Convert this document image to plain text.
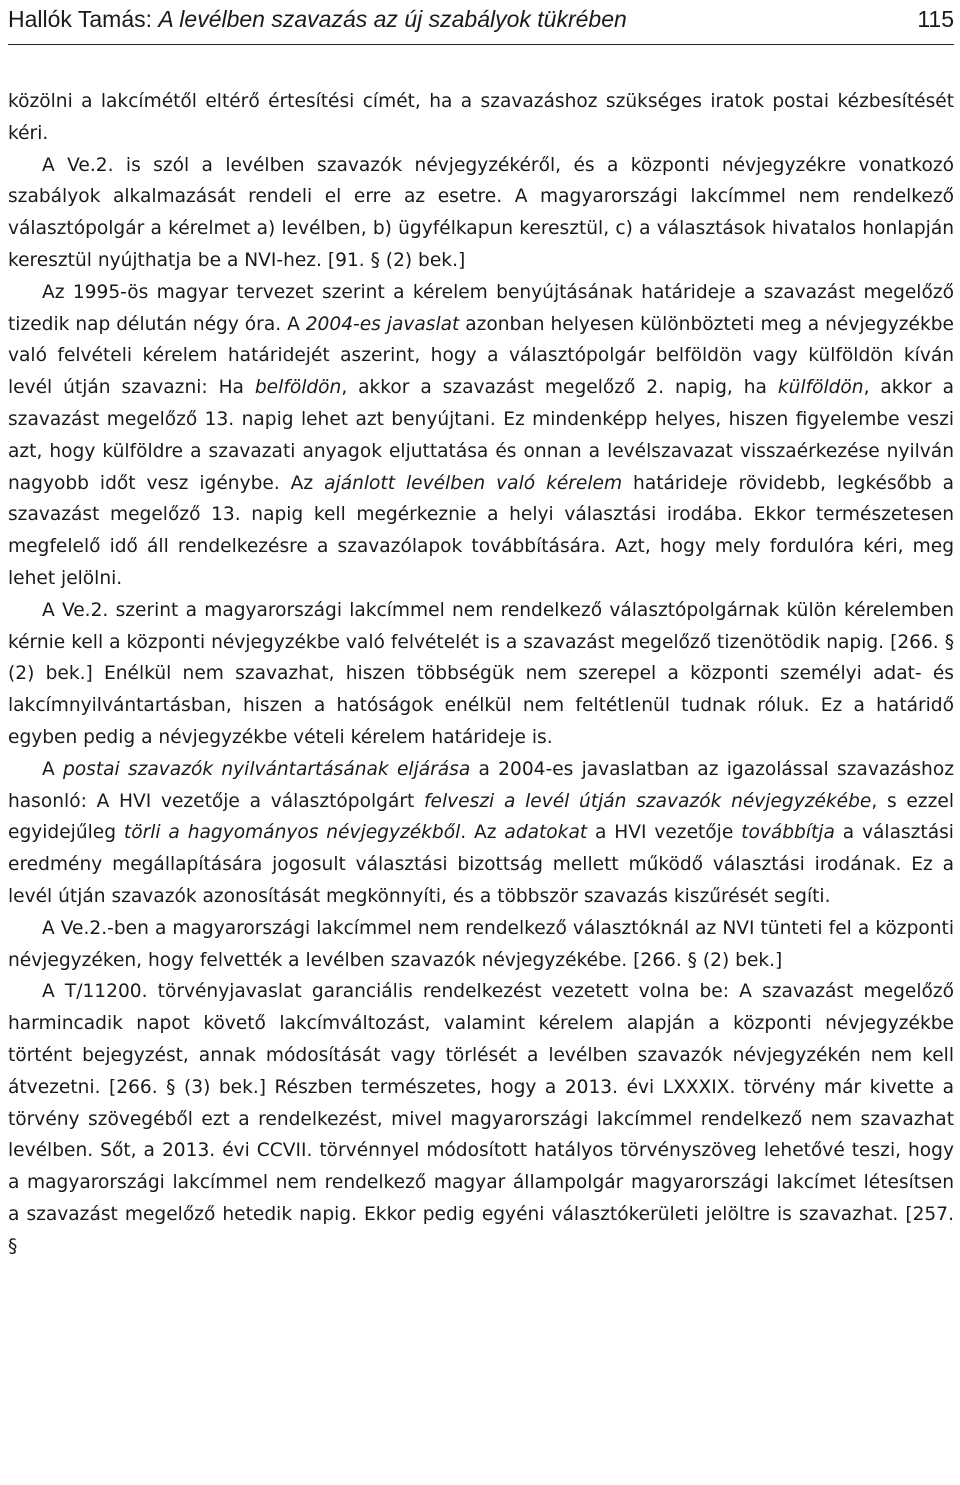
Hallók Tamás: A levélben szavazás az új szabályok tükrében	115

közölni a lakcímétől eltérő értesítési címét, ha a szavazáshoz szükséges iratok postai kézbesítését kéri.

A Ve.2. is szól a levélben szavazók névjegyzékéről, és a központi névjegyzékre vonatkozó szabályok alkalmazását rendeli el erre az esetre. A magyarországi lakcímmel nem rendelkező választópolgár a kérelmet a) levélben, b) ügyfélkapun keresztül, c) a választások hivatalos honlapján keresztül nyújthatja be a NVI-hez. [91. § (2) bek.]

Az 1995-ös magyar tervezet szerint a kérelem benyújtásának határideje a szavazást megelőző tizedik nap délután négy óra. A 2004-es javaslat azonban helyesen különbözteti meg a névjegyzékbe való felvételi kérelem határidejét aszerint, hogy a választópolgár belföldön vagy külföldön kíván levél útján szavazni: Ha belföldön, akkor a szavazást megelőző 2. napig, ha külföldön, akkor a szavazást megelőző 13. napig lehet azt benyújtani. Ez mindenképp helyes, hiszen figyelembe veszi azt, hogy külföldre a szavazati anyagok eljuttatása és onnan a levélszavazat visszaérkezése nyilván nagyobb időt vesz igénybe. Az ajánlott levélben való kérelem határideje rövidebb, legkésőbb a szavazást megelőző 13. napig kell megérkeznie a helyi választási irodába. Ekkor természetesen megfelelő idő áll rendelkezésre a szavazólapok továbbítására. Azt, hogy mely fordulóra kéri, meg lehet jelölni.

A Ve.2. szerint a magyarországi lakcímmel nem rendelkező választópolgárnak külön kérelemben kérnie kell a központi névjegyzékbe való felvételét is a szavazást megelőző tizenötödik napig. [266. § (2) bek.] Enélkül nem szavazhat, hiszen többségük nem szerepel a központi személyi adat- és lakcímnyilvántartásban, hiszen a hatóságok enélkül nem feltétlenül tudnak róluk. Ez a határidő egyben pedig a névjegyzékbe vételi kérelem határideje is.

A postai szavazók nyilvántartásának eljárása a 2004-es javaslatban az igazolással szavazáshoz hasonló: A HVI vezetője a választópolgárt felveszi a levél útján szavazók névjegyzékébe, s ezzel egyidejűleg törli a hagyományos névjegyzékből. Az adatokat a HVI vezetője továbbítja a választási eredmény megállapítására jogosult választási bizottság mellett működő választási irodának. Ez a levél útján szavazók azonosítását megkönnyíti, és a többször szavazás kiszűrését segíti.

A Ve.2.-ben a magyarországi lakcímmel nem rendelkező választóknál az NVI tünteti fel a központi névjegyzéken, hogy felvették a levélben szavazók névjegyzékébe. [266. § (2) bek.]

A T/11200. törvényjavaslat garanciális rendelkezést vezetett volna be: A szavazást megelőző harmincadik napot követő lakcímváltozást, valamint kérelem alapján a központi névjegyzékbe történt bejegyzést, annak módosítását vagy törlését a levélben szavazók névjegyzékén nem kell átvezetni. [266. § (3) bek.] Részben természetes, hogy a 2013. évi LXXXIX. törvény már kivette a törvény szövegéből ezt a rendelkezést, mivel magyarországi lakcímmel rendelkező nem szavazhat levélben. Sőt, a 2013. évi CCVII. törvénnyel módosított hatályos törvényszöveg lehetővé teszi, hogy a magyarországi lakcímmel nem rendelkező magyar állampolgár magyarországi lakcímet létesítsen a szavazást megelőző hetedik napig. Ekkor pedig egyéni választókerületi jelöltre is szavazhat. [257. §
